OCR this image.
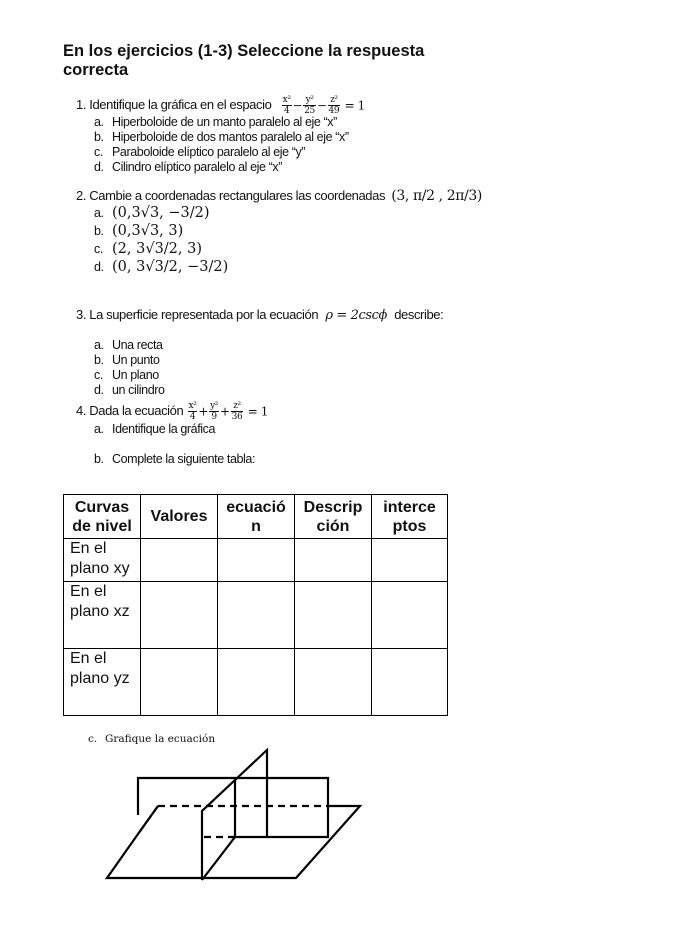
En los ejercicios (1-3) Seleccione la respuesta correcta
1. Identifique la gráfica en el espacio $\frac{\text{x²}}{4} - \frac{\text{y²}}{25} - \frac{\text{z²}}{49} = 1$
a. Hiperboloide de un manto paralelo al eje “x”
b. Hiperboloide de dos mantos paralelo al eje “x”
c. Paraboloide elíptico paralelo al eje “y”
d. Cilindro elíptico paralelo al eje “x”
2. Cambie a coordenadas rectangulares las coordenadas (3, π/2 , 2π/3)
a. (0,3√3, −3/2)
b. (0,3√3, 3)
c. (2, 3√3/2, 3)
d. (0, 3√3/2, −3/2)
3. La superficie representada por la ecuación ρ = 2cscϕ describe:
a. Una recta
b. Un punto
c. Un plano
d. un cilindro
4. Dada la ecuación $\frac{\text{x²}}{4} + \frac{\text{y²}}{9} + \frac{\text{z²}}{36} = 1$
a. Identifique la gráfica
b. Complete la siguiente tabla:
Curvas de nivel	Valores	ecuació n	Descrip ción	interce ptos
En el plano xy				
En el plano xz				
En el plano yz				
c. Grafique la ecuación
